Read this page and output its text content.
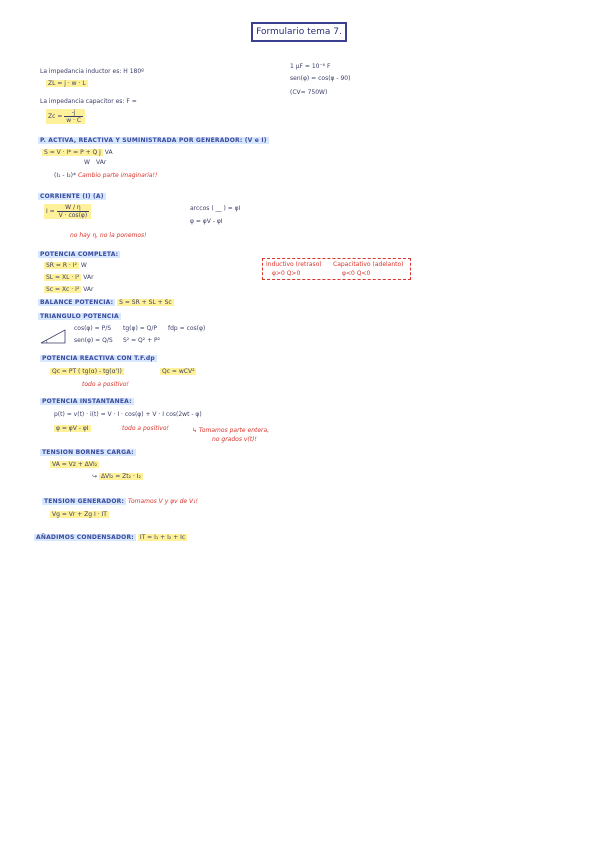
Formulario tema 7.
1 µF = 10⁻⁶ F
sen(φ) = cos(φ - 90)
(CV= 750W)
La impedancia inductor es: H 180º
ZL = j · w · L
La impedancia capacitor es: F =
$Zc = \frac{-j}{w \cdot C}$
P. ACTIVA, REACTIVA Y SUMINISTRADA POR GENERADOR: (V e I)
S = V · I* = P + Q j VA
W VAr
(I₁ - I₂)* Cambio parte imaginaria!!
CORRIENTE (I) (A)
$I = \frac{W / \eta}{V \cdot \cos(\varphi)}$	arccos ( __ ) = φI
φ = φV - φI
no hay η, no la ponemos!
POTENCIA COMPLETA:
SR = R · I² W
SL = XL · I² VAr
Sc = Xc · I² VAr
Inductivo (retraso) Capacitativo (adelanto)
φ>0 Q>0	φ<0 Q<0
BALANCE POTENCIA: S = SR + SL + Sc
TRIANGULO POTENCIA
cos(φ) = P/S tg(φ) = Q/P fdp = cos(φ)
sen(φ) = Q/S S² = Q² + P²
POTENCIA REACTIVA CON T.F.dp
Qc = PT ( tg(α) - tg(α'))	Qc = wCV²
todo a positivo!
POTENCIA INSTANTANEA:
p(t) = v(t) · i(t) = V · I · cos(φ) + V · I cos(2wt - φ)
φ = φV - φI	todo a positivo!	↳ Tomamos parte entera,
no grados v(t)!
TENSION BORNES CARGA:
VA = Vz + ΔVI₂
↪ ΔVI₂ = Zt₂ · I₂
TENSION GENERADOR: Tomamos V y φv de V₁!
Vg = Vr + Zg I · IT
AÑADIMOS CONDENSADOR: IT = I₁ + I₂ + Ic
